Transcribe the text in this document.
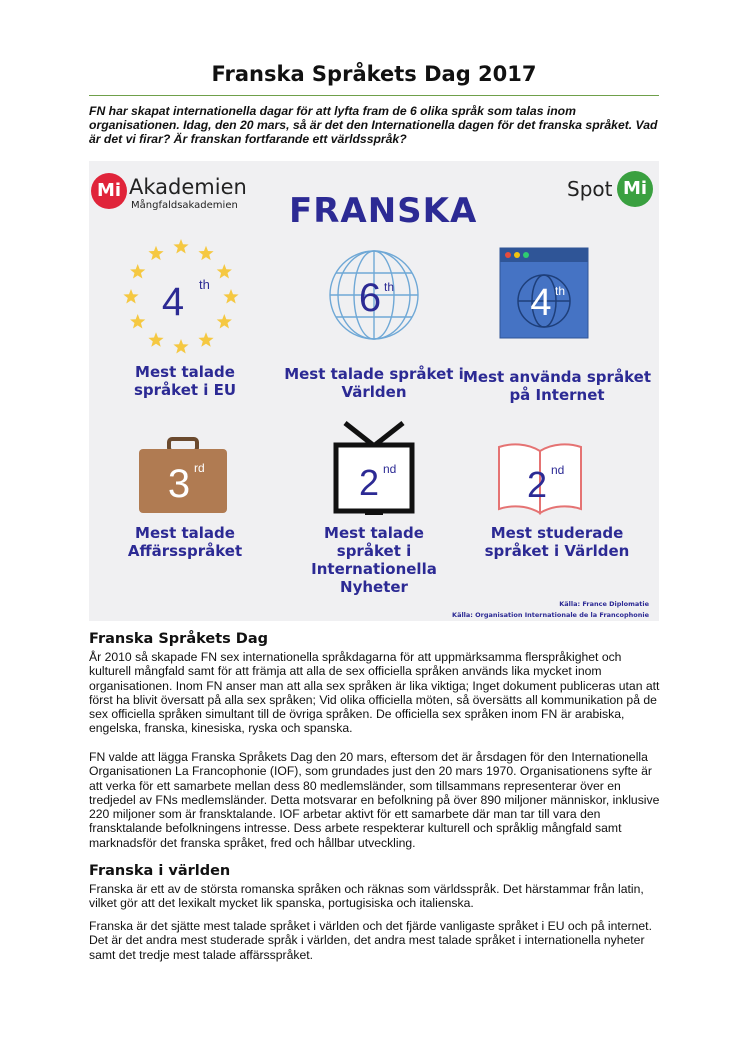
Franska Språkets Dag 2017
FN har skapat internationella dagar för att lyfta fram de 6 olika språk som talas inom organisationen. Idag, den 20 mars, så är det den Internationella dagen för det franska språket. Vad är det vi firar? Är franskan fortfarande ett världsspråk?
Mi Akademien
Mångfaldsakademien
Spot Mi
FRANSKA
4 th	6 th	4 th
3 rd	2 nd	2 nd
Mest talade
språket i EU
Mest talade språket i
Världen
Mest använda språket
på Internet
Mest talade
Affärsspråket
Mest talade
språket i
Internationella
Nyheter
Mest studerade
språket i Världen
Källa: France Diplomatie
Källa: Organisation Internationale de la Francophonie
Franska Språkets Dag
År 2010 så skapade FN sex internationella språkdagarna för att uppmärksamma flerspråkighet och kulturell mångfald samt för att främja att alla de sex officiella språken används lika mycket inom organisationen. Inom FN anser man att alla sex språken är lika viktiga; Inget dokument publiceras utan att först ha blivit översatt på alla sex språken; Vid olika officiella möten, så översätts all kommunikation på de sex officiella språken simultant till de övriga språken. De officiella sex språken inom FN är arabiska, engelska, franska, kinesiska, ryska och spanska.
FN valde att lägga Franska Språkets Dag den 20 mars, eftersom det är årsdagen för den Internationella Organisationen La Francophonie (IOF), som grundades just den 20 mars 1970. Organisationens syfte är att verka för ett samarbete mellan dess 80 medlemsländer, som tillsammans representerar över en tredjedel av FNs medlemsländer. Detta motsvarar en befolkning på över 890 miljoner människor, inklusive 220 miljoner som är fransktalande. IOF arbetar aktivt för ett samarbete där man tar till vara den fransktalande befolkningens intresse. Dess arbete respekterar kulturell och språklig mångfald samt marknadsför det franska språket, fred och hållbar utveckling.
Franska i världen
Franska är ett av de största romanska språken och räknas som världsspråk. Det härstammar från latin, vilket gör att det lexikalt mycket lik spanska, portugisiska och italienska.
Franska är det sjätte mest talade språket i världen och det fjärde vanligaste språket i EU och på internet. Det är det andra mest studerade språk i världen, det andra mest talade språket i internationella nyheter samt det tredje mest talade affärsspråket.
